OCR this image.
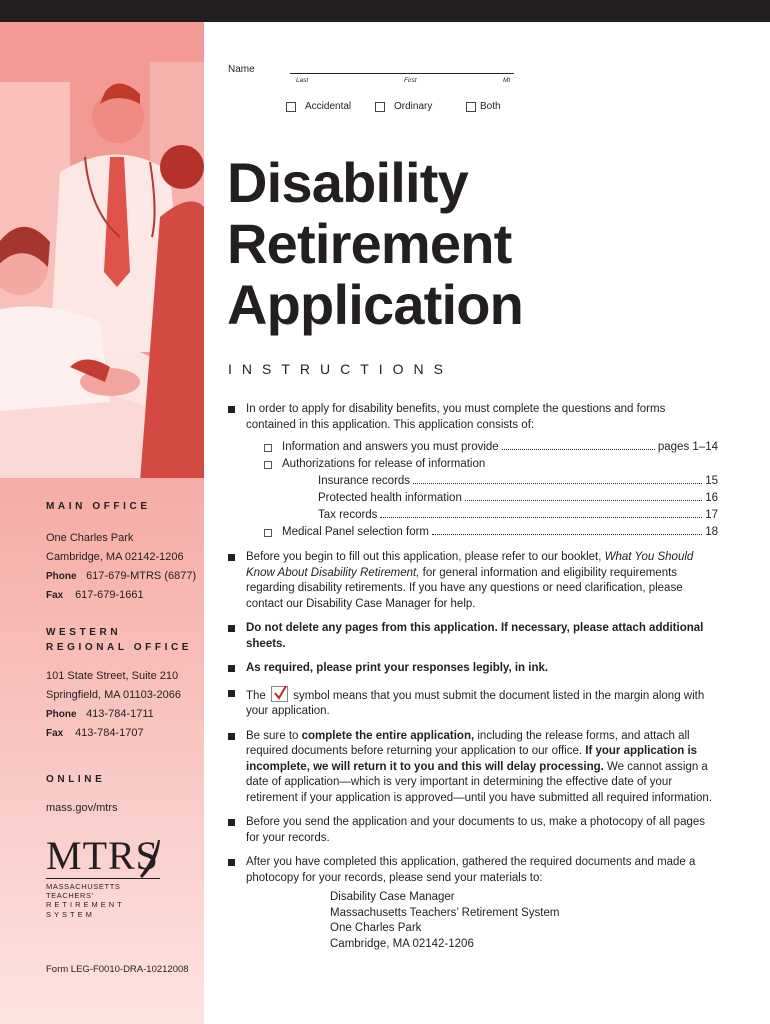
MAIN OFFICE
One Charles Park
Cambridge, MA 02142-1206
Phone 617-679-MTRS (6877)
Fax 617-679-1661
WESTERN
REGIONAL OFFICE
101 State Street, Suite 210
Springfield, MA 01103-2066
Phone 413-784-1711
Fax 413-784-1707
ONLINE
mass.gov/mtrs
MTRS
MASSACHUSETTS TEACHERS’
RETIREMENT SYSTEM
Form LEG-F0010-DRA-10212008
Name
Last	First	MI
Accidental	Ordinary	Both
Disability
Retirement
Application
INSTRUCTIONS
In order to apply for disability benefits, you must complete the questions and forms contained in this application. This application consists of:
Information and answers you must provide	pages 1–14
Authorizations for release of information
Insurance records	15
Protected health information	16
Tax records	17
Medical Panel selection form	18
Before you begin to fill out this application, please refer to our booklet, What You Should Know About Disability Retirement, for general information and eligibility requirements regarding disability retirements. If you have any questions or need clarification, please contact our Disability Case Manager for help.
Do not delete any pages from this application. If necessary, please attach additional sheets.
As required, please print your responses legibly, in ink.
The symbol means that you must submit the document listed in the margin along with your application.
Be sure to complete the entire application, including the release forms, and attach all required documents before returning your application to our office. If your application is incomplete, we will return it to you and this will delay processing. We cannot assign a date of application—which is very important in determining the effective date of your retirement if your application is approved—until you have submitted all required information.
Before you send the application and your documents to us, make a photocopy of all pages for your records.
After you have completed this application, gathered the required documents and made a photocopy for your records, please send your materials to:
Disability Case Manager
Massachusetts Teachers’ Retirement System
One Charles Park
Cambridge, MA 02142-1206
